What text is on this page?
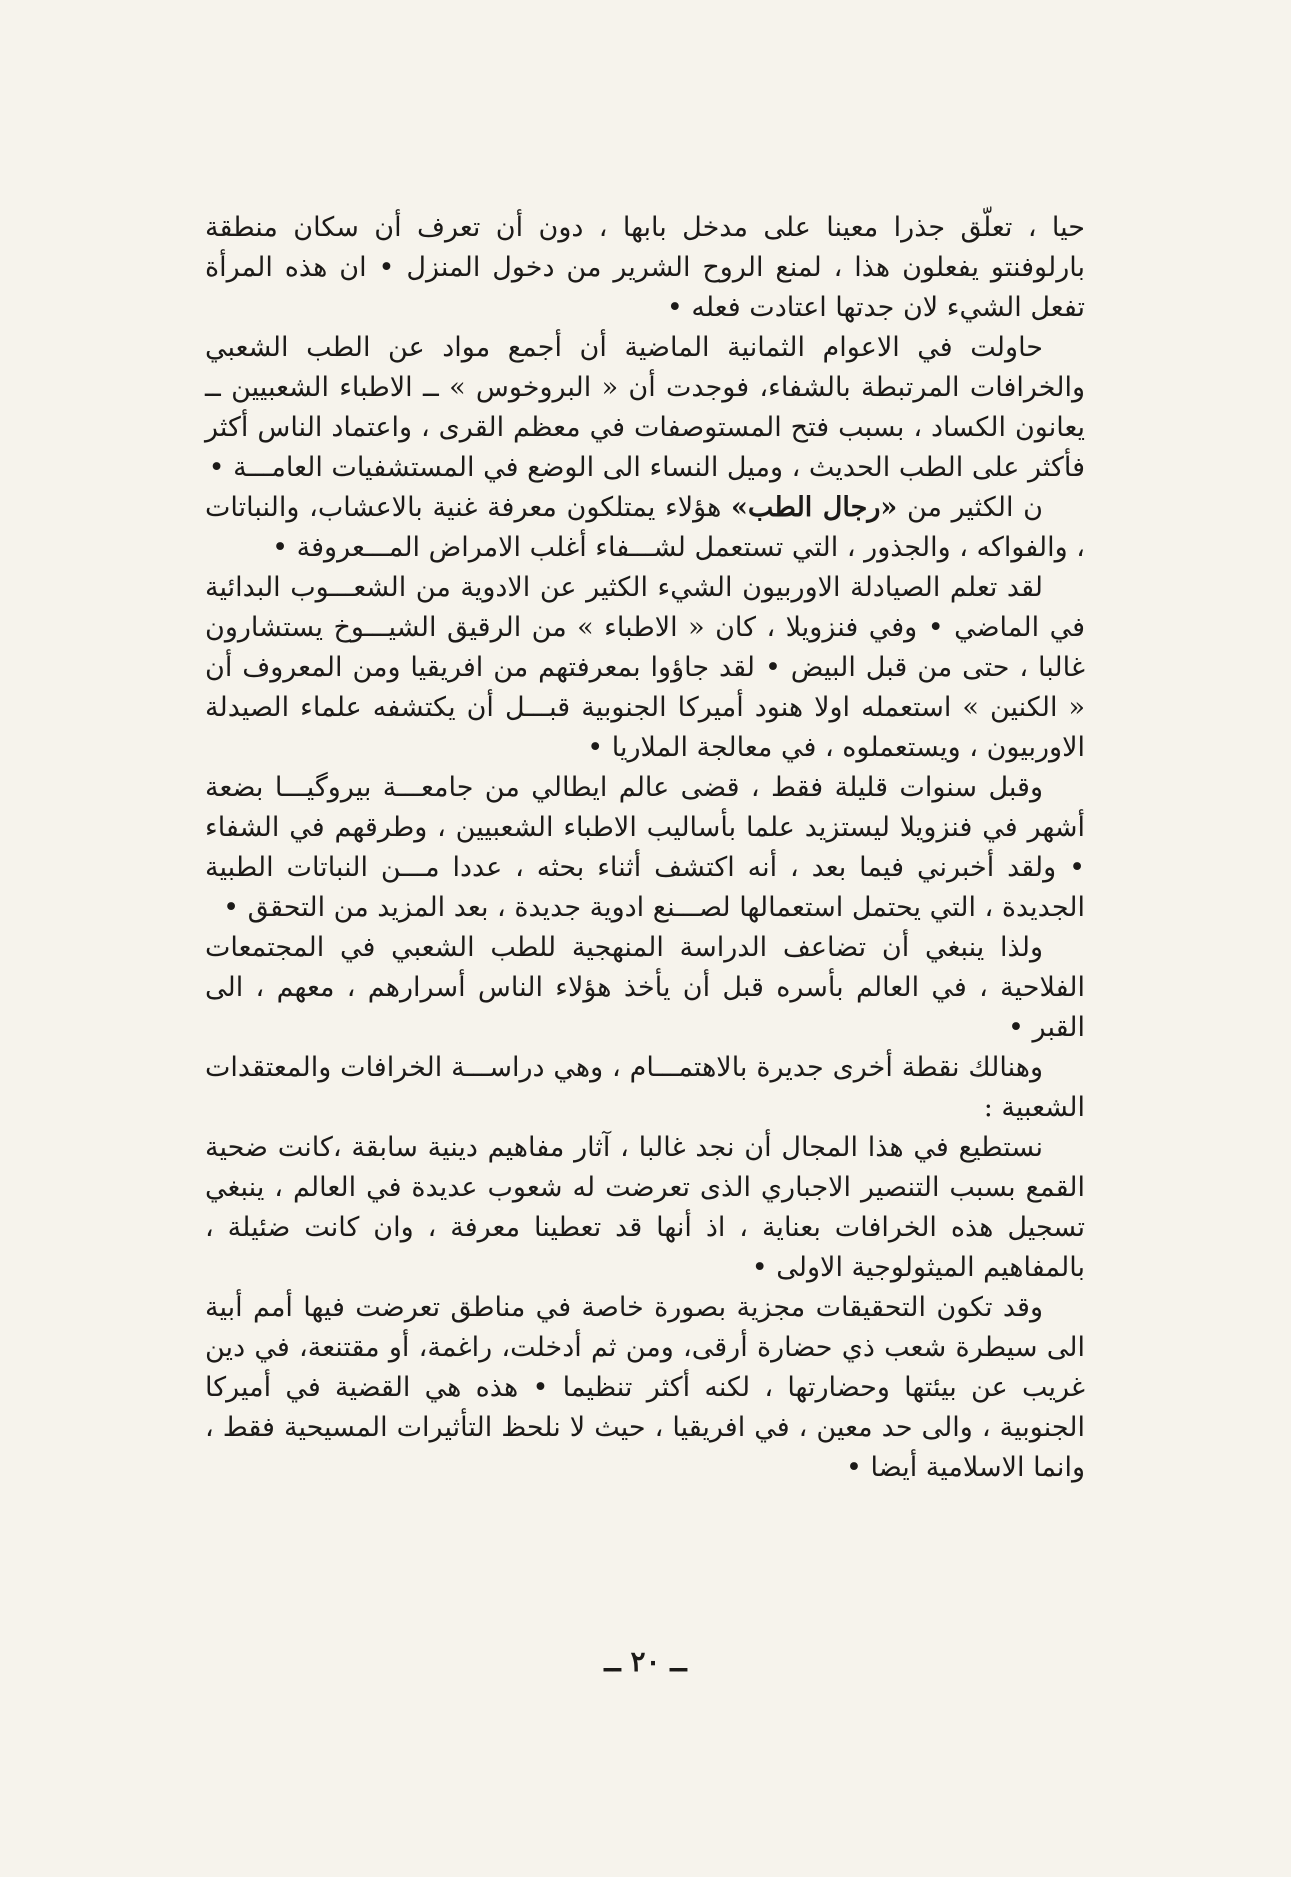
حيا ، تعلّق جذرا معينا على مدخل بابها ، دون أن تعرف أن سكان منطقة بارلوفنتو يفعلون هذا ، لمنع الروح الشرير من دخول المنزل • ان هذه المرأة تفعل الشيء لان جدتها اعتادت فعله •

حاولت في الاعوام الثمانية الماضية أن أجمع مواد عن الطب الشعبي والخرافات المرتبطة بالشفاء، فوجدت أن « البروخوس » ــ الاطباء الشعبيين ــ يعانون الكساد ، بسبب فتح المستوصفات في معظم القرى ، واعتماد الناس أكثر فأكثر على الطب الحديث ، وميل النساء الى الوضع في المستشفيات العامـــة •

ن الكثير من «رجال الطب» هؤلاء يمتلكون معرفة غنية بالاعشاب، والنباتات ، والفواكه ، والجذور ، التي تستعمل لشـــفاء أغلب الامراض المـــعروفة •

لقد تعلم الصيادلة الاوربيون الشيء الكثير عن الادوية من الشعـــوب البدائية في الماضي • وفي فنزويلا ، كان « الاطباء » من الرقيق الشيـــوخ يستشارون غالبا ، حتى من قبل البيض • لقد جاؤوا بمعرفتهم من افريقيا ومن المعروف أن « الكنين » استعمله اولا هنود أميركا الجنوبية قبـــل أن يكتشفه علماء الصيدلة الاوربيون ، ويستعملوه ، في معالجة الملاريا •

وقبل سنوات قليلة فقط ، قضى عالم ايطالي من جامعـــة بيروگيـــا بضعة أشهر في فنزويلا ليستزيد علما بأساليب الاطباء الشعبيين ، وطرقهم في الشفاء • ولقد أخبرني فيما بعد ، أنه اكتشف أثناء بحثه ، عددا مـــن النباتات الطبية الجديدة ، التي يحتمل استعمالها لصـــنع ادوية جديدة ، بعد المزيد من التحقق •

ولذا ينبغي أن تضاعف الدراسة المنهجية للطب الشعبي في المجتمعات الفلاحية ، في العالم بأسره قبل أن يأخذ هؤلاء الناس أسرارهم ، معهم ، الى القبر •

وهنالك نقطة أخرى جديرة بالاهتمـــام ، وهي دراســـة الخرافات والمعتقدات الشعبية :

نستطيع في هذا المجال أن نجد غالبا ، آثار مفاهيم دينية سابقة ،كانت ضحية القمع بسبب التنصير الاجباري الذى تعرضت له شعوب عديدة في العالم ، ينبغي تسجيل هذه الخرافات بعناية ، اذ أنها قد تعطينا معرفة ، وان كانت ضئيلة ، بالمفاهيم الميثولوجية الاولى •

وقد تكون التحقيقات مجزية بصورة خاصة في مناطق تعرضت فيها أمم أبية الى سيطرة شعب ذي حضارة أرقى، ومن ثم أدخلت، راغمة، أو مقتنعة، في دين غريب عن بيئتها وحضارتها ، لكنه أكثر تنظيما • هذه هي القضية في أميركا الجنوبية ، والى حد معين ، في افريقيا ، حيث لا نلحظ التأثيرات المسيحية فقط ، وانما الاسلامية أيضا •

ــ ٢٠ ــ
